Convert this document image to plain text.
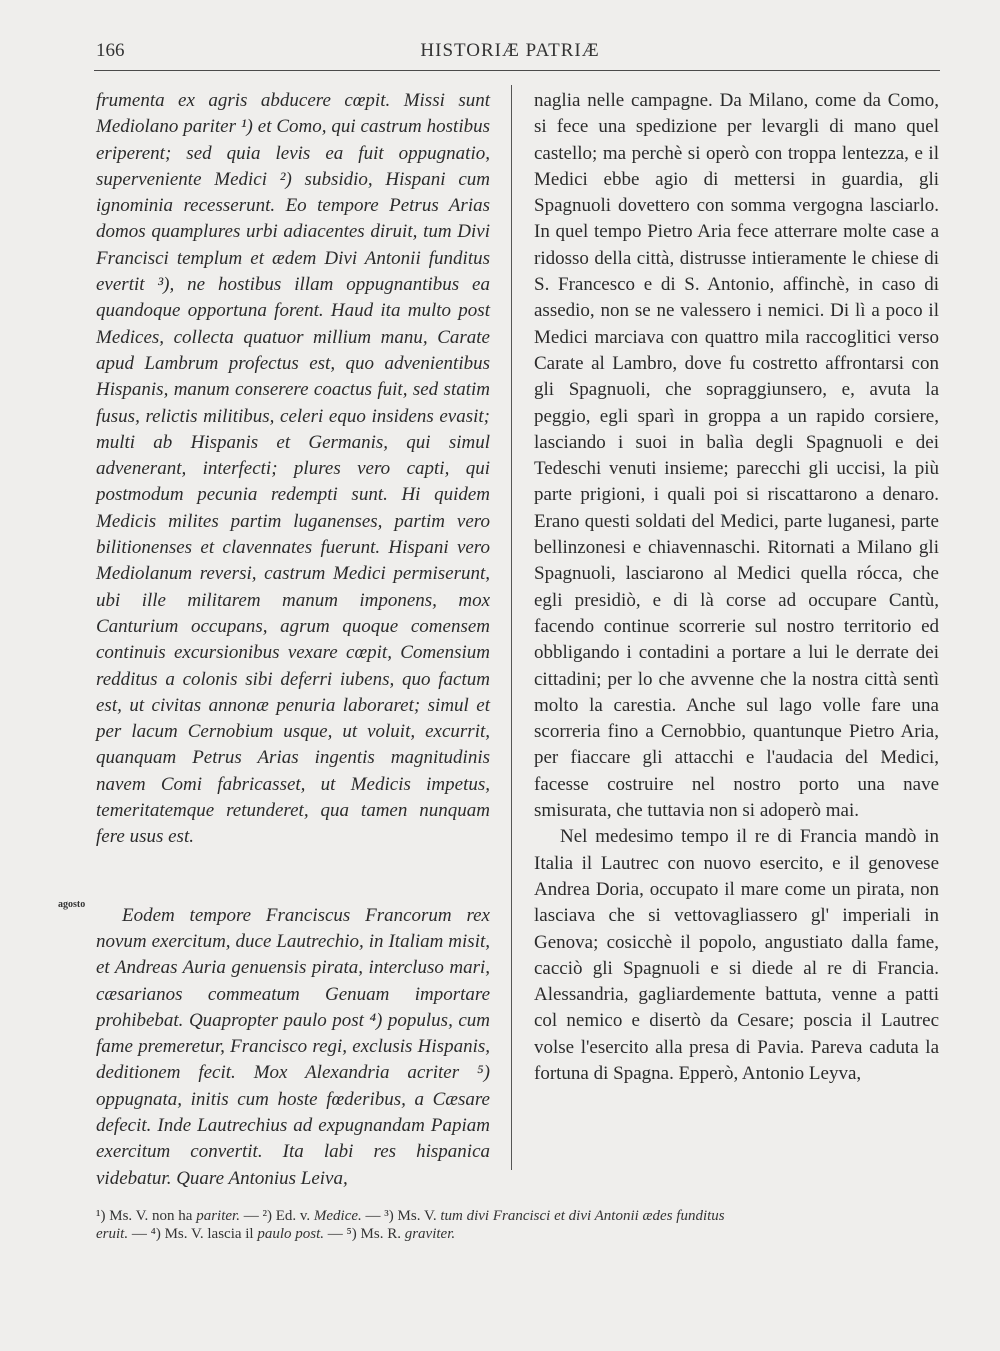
166	HISTORIÆ PATRIÆ

frumenta ex agris abducere cœpit. Missi sunt Mediolano pariter ¹) et Como, qui castrum hostibus eriperent; sed quia levis ea fuit oppugnatio, superveniente Medici ²) subsidio, Hispani cum ignominia recesserunt. Eo tempore Petrus Arias domos quamplures urbi adiacentes diruit, tum Divi Francisci templum et ædem Divi Antonii funditus evertit ³), ne hostibus illam oppugnantibus ea quandoque opportuna forent. Haud ita multo post Medices, collecta quatuor millium manu, Carate apud Lambrum profectus est, quo advenientibus Hispanis, manum conserere coactus fuit, sed statim fusus, relictis militibus, celeri equo insidens evasit; multi ab Hispanis et Germanis, qui simul advenerant, interfecti; plures vero capti, qui postmodum pecunia redempti sunt. Hi quidem Medicis milites partim luganenses, partim vero bilitionenses et clavennates fuerunt. Hispani vero Mediolanum reversi, castrum Medici permiserunt, ubi ille militarem manum imponens, mox Canturium occupans, agrum quoque comensem continuis excursionibus vexare cœpit, Comensium redditus a colonis sibi deferri iubens, quo factum est, ut civitas annonæ penuria laboraret; simul et per lacum Cernobium usque, ut voluit, excurrit, quanquam Petrus Arias ingentis magnitudinis navem Comi fabricasset, ut Medicis impetus, temeritatemque retunderet, qua tamen nunquam fere usus est.

Eodem tempore Franciscus Francorum rex novum exercitum, duce Lautrechio, in Italiam misit, et Andreas Auria genuensis pirata, intercluso mari, cæsarianos commeatum Genuam importare prohibebat. Quapropter paulo post ⁴) populus, cum fame premeretur, Francisco regi, exclusis Hispanis, deditionem fecit. Mox Alexandria acriter ⁵) oppugnata, initis cum hoste fœderibus, a Cæsare defecit. Inde Lautrechius ad expugnandam Papiam exercitum convertit. Ita labi res hispanica videbatur. Quare Antonius Leiva,

agosto

naglia nelle campagne. Da Milano, come da Como, si fece una spedizione per levargli di mano quel castello; ma perchè si operò con troppa lentezza, e il Medici ebbe agio di mettersi in guardia, gli Spagnuoli dovettero con somma vergogna lasciarlo. In quel tempo Pietro Aria fece atterrare molte case a ridosso della città, distrusse intieramente le chiese di S. Francesco e di S. Antonio, affinchè, in caso di assedio, non se ne valessero i nemici. Di lì a poco il Medici marciava con quattro mila raccoglitici verso Carate al Lambro, dove fu costretto affrontarsi con gli Spagnuoli, che sopraggiunsero, e, avuta la peggio, egli sparì in groppa a un rapido corsiere, lasciando i suoi in balìa degli Spagnuoli e dei Tedeschi venuti insieme; parecchi gli uccisi, la più parte prigioni, i quali poi si riscattarono a denaro. Erano questi soldati del Medici, parte luganesi, parte bellinzonesi e chiavennaschi. Ritornati a Milano gli Spagnuoli, lasciarono al Medici quella rócca, che egli presidiò, e di là corse ad occupare Cantù, facendo continue scorrerie sul nostro territorio ed obbligando i contadini a portare a lui le derrate dei cittadini; per lo che avvenne che la nostra città sentì molto la carestia. Anche sul lago volle fare una scorreria fino a Cernobbio, quantunque Pietro Aria, per fiaccare gli attacchi e l'audacia del Medici, facesse costruire nel nostro porto una nave smisurata, che tuttavia non si adoperò mai.

Nel medesimo tempo il re di Francia mandò in Italia il Lautrec con nuovo esercito, e il genovese Andrea Doria, occupato il mare come un pirata, non lasciava che si vettovagliassero gl' imperiali in Genova; cosicchè il popolo, angustiato dalla fame, cacciò gli Spagnuoli e si diede al re di Francia. Alessandria, gagliardemente battuta, venne a patti col nemico e disertò da Cesare; poscia il Lautrec volse l'esercito alla presa di Pavia. Pareva caduta la fortuna di Spagna. Epperò, Antonio Leyva,

¹) Ms. V. non ha pariter. — ²) Ed. v. Medice. — ³) Ms. V. tum divi Francisci et divi Antonii ædes funditus

eruit. — ⁴) Ms. V. lascia il paulo post. — ⁵) Ms. R. graviter.
